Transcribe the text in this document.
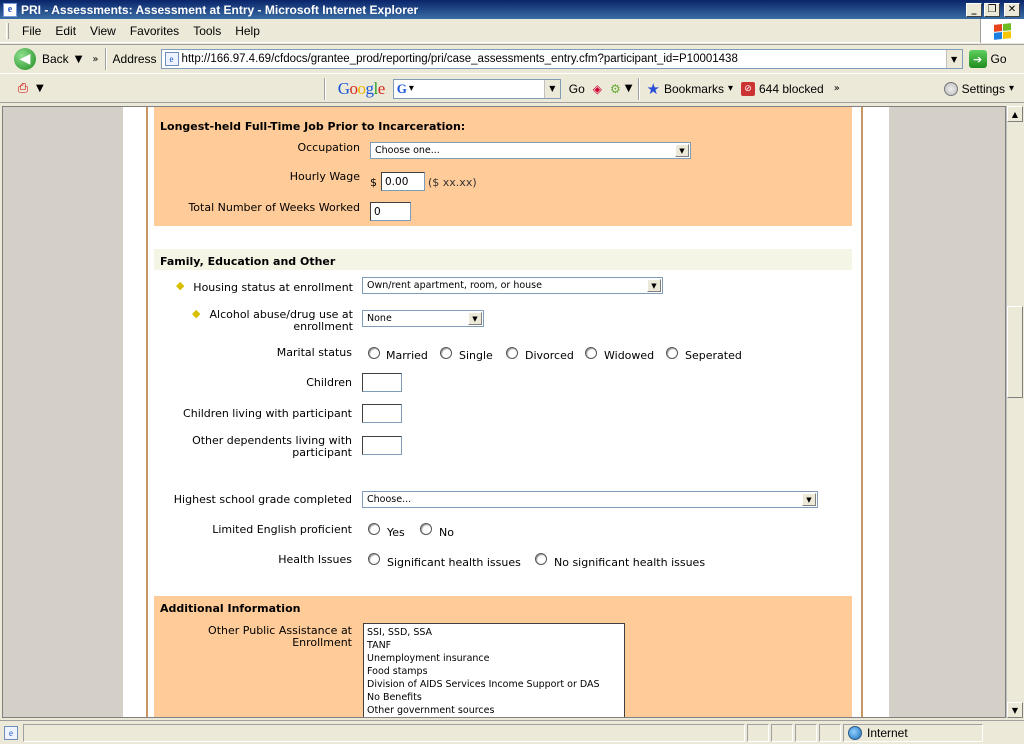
e PRI - Assessments: Assessment at Entry - Microsoft Internet Explorer	_	❐	✕
File	Edit	View	Favorites	Tools	Help
◀ Back ▼ » Address	e http://166.97.4.69/cfdocs/grantee_prod/reporting/pri/case_assessments_entry.cfm?participant_id=P10001438	▼	➔ Go
⎙ ▼	Google G ▾	▼	Go ◈ ⚙ ▼ ★ Bookmarks ▾	⊘ 644 blocked »	Settings ▾
Longest-held Full-Time Job Prior to Incarceration:
Occupation Choose one...	▼
Hourly Wage $ 0.00	($ xx.xx)
Total Number of Weeks Worked	0
Family, Education and Other
◆ Housing status at enrollment Own/rent apartment, room, or house	▼
◆ Alcohol abuse/drug use at
enrollment
None	▼
Marital status	Married	Single	Divorced	Widowed	Seperated
Children
Children living with participant
Other dependents living with
participant
Highest school grade completed Choose...	▼
Limited English proficient	Yes	No
Health Issues	Significant health issues	No significant health issues
Additional Information
Other Public Assistance at
Enrollment
SSI, SSD, SSA
TANF
Unemployment insurance
Food stamps
Division of AIDS Services Income Support or DAS
No Benefits
Other government sources
▲
▼
e	Internet
